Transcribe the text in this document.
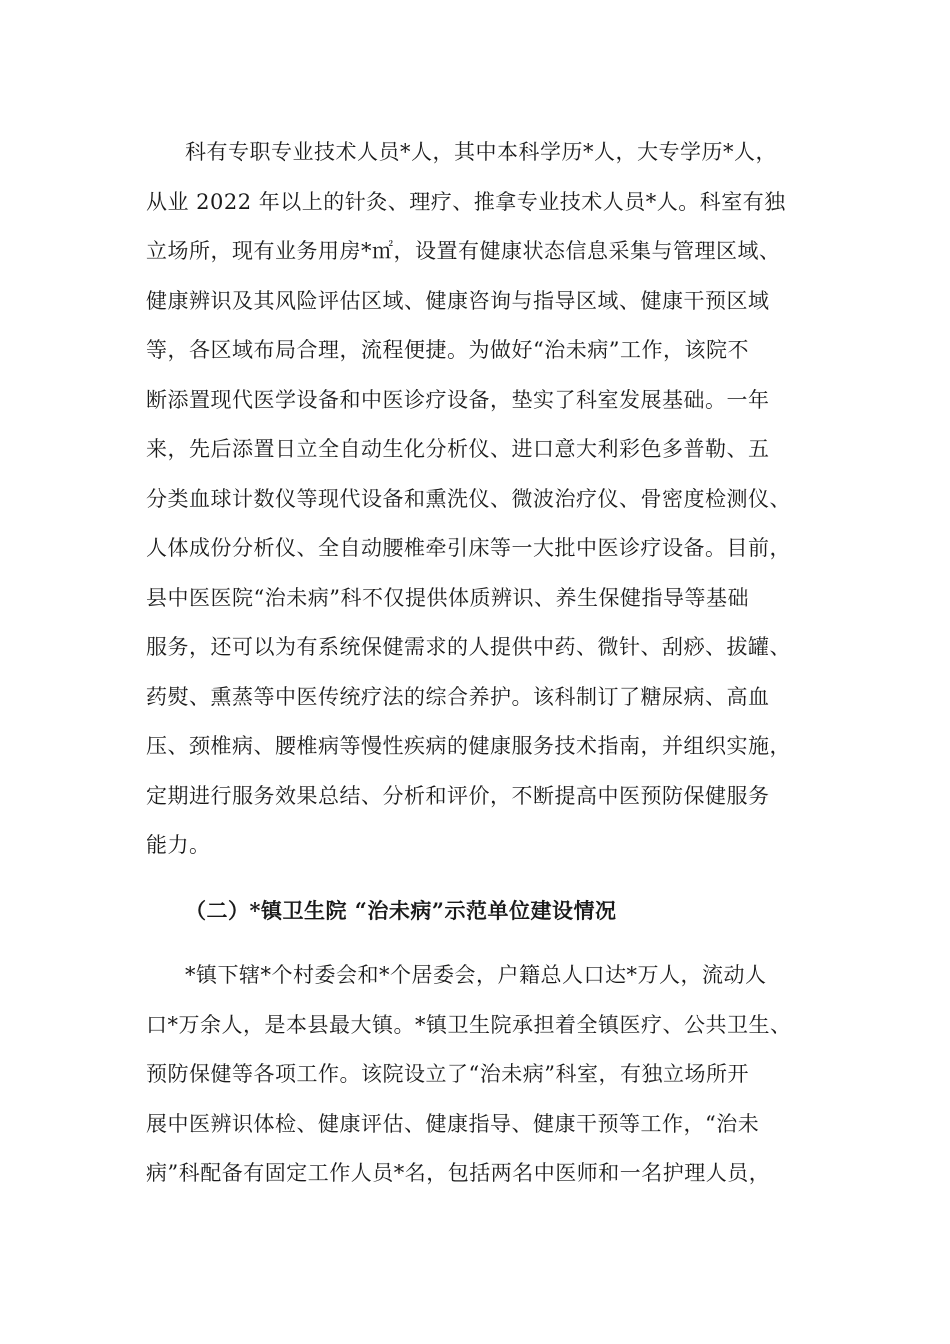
科有专职专业技术人员*人，其中本科学历*人，大专学历*人，
从业 2022 年以上的针灸、理疗、推拿专业技术人员*人。科室有独
立场所，现有业务用房*㎡，设置有健康状态信息采集与管理区域、
健康辨识及其风险评估区域、健康咨询与指导区域、健康干预区域
等，各区域布局合理，流程便捷。为做好“治未病”工作，该院不
断添置现代医学设备和中医诊疗设备，垫实了科室发展基础。一年
来，先后添置日立全自动生化分析仪、进口意大利彩色多普勒、五
分类血球计数仪等现代设备和熏洗仪、微波治疗仪、骨密度检测仪、
人体成份分析仪、全自动腰椎牵引床等一大批中医诊疗设备。目前，
县中医医院“治未病”科不仅提供体质辨识、养生保健指导等基础
服务，还可以为有系统保健需求的人提供中药、微针、刮痧、拔罐、
药熨、熏蒸等中医传统疗法的综合养护。该科制订了糖尿病、高血
压、颈椎病、腰椎病等慢性疾病的健康服务技术指南，并组织实施，
定期进行服务效果总结、分析和评价，不断提高中医预防保健服务
能力。
（二）*镇卫生院 “治未病”示范单位建设情况
*镇下辖*个村委会和*个居委会，户籍总人口达*万人，流动人
口*万余人，是本县最大镇。*镇卫生院承担着全镇医疗、公共卫生、
预防保健等各项工作。该院设立了“治未病”科室，有独立场所开
展中医辨识体检、健康评估、健康指导、健康干预等工作，“治未
病”科配备有固定工作人员*名，包括两名中医师和一名护理人员，
